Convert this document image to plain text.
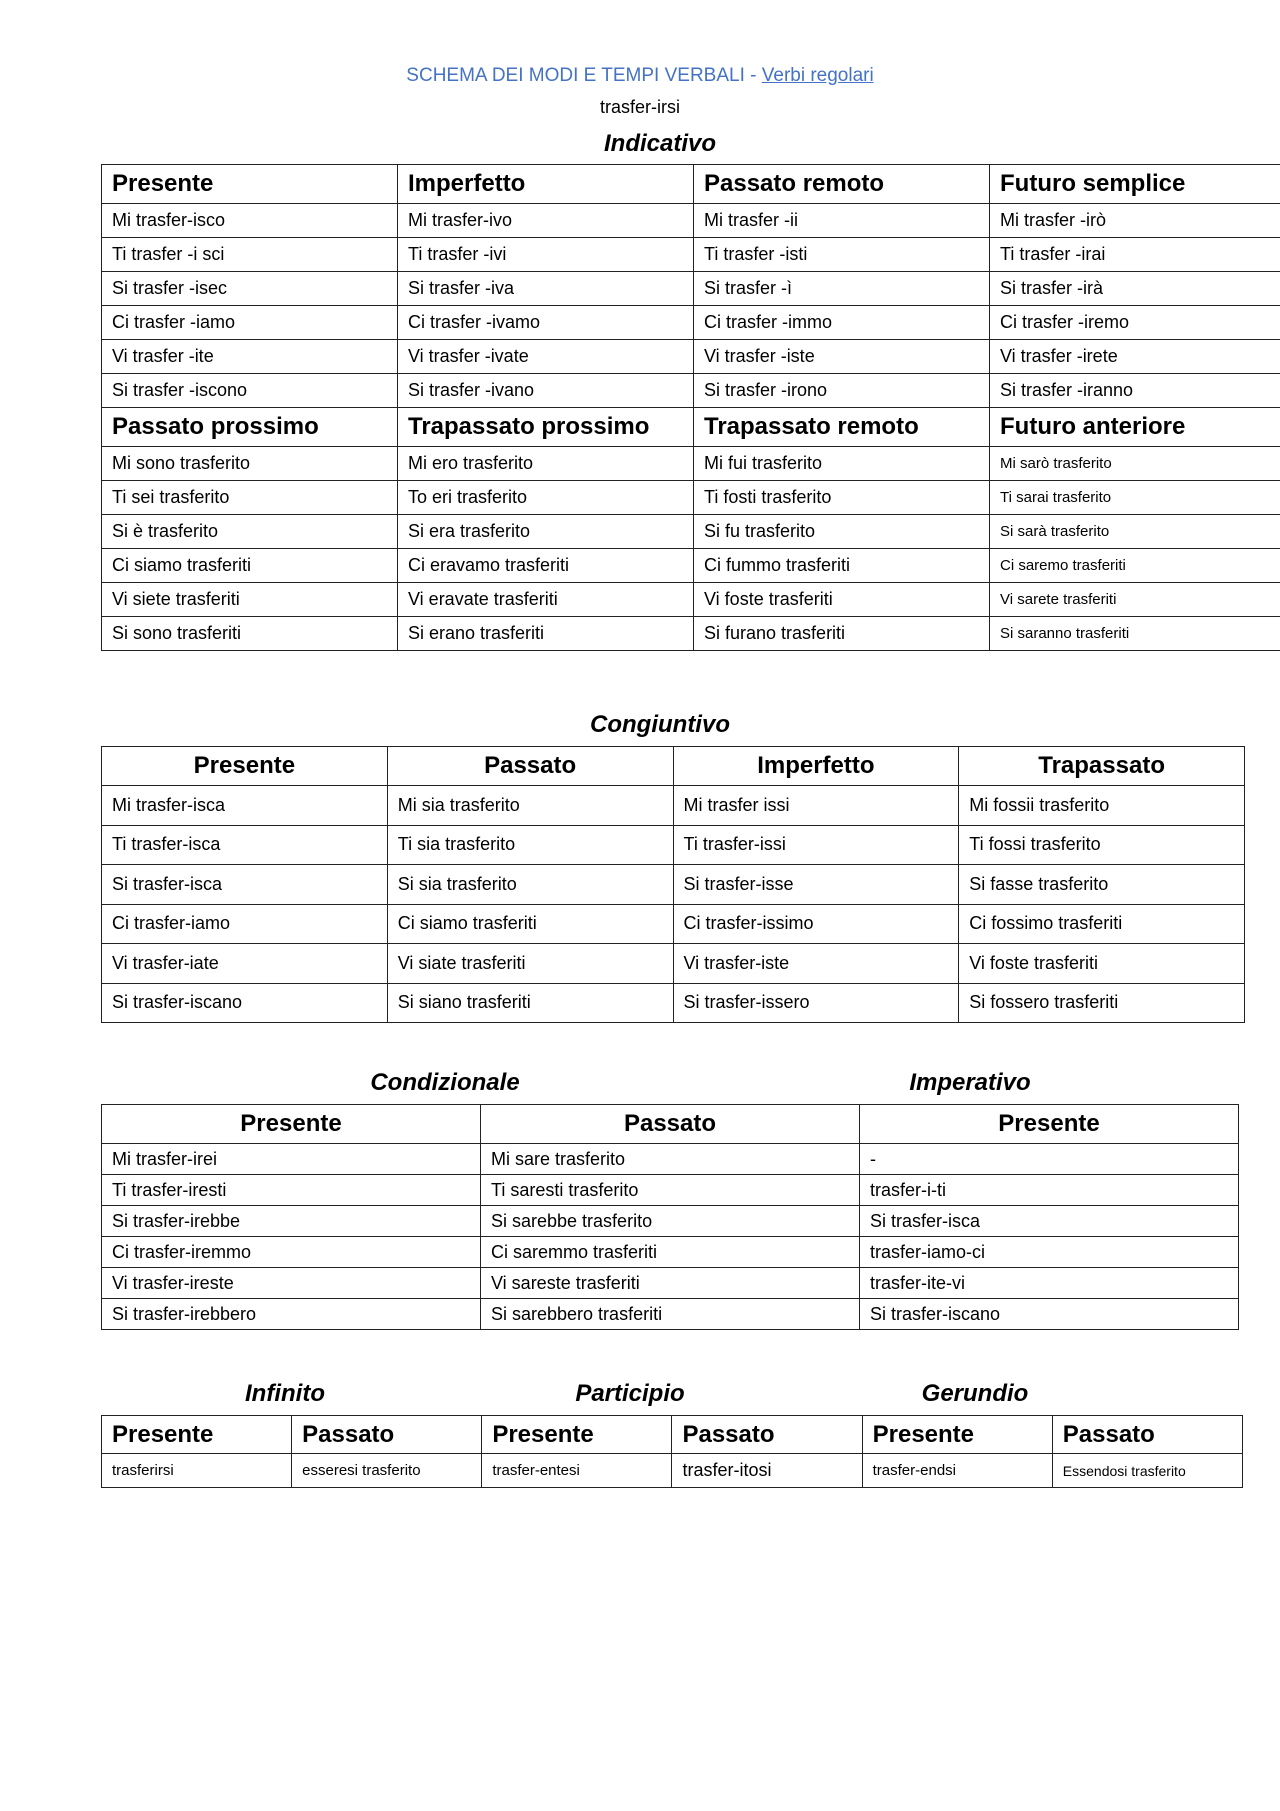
SCHEMA DEI MODI E TEMPI VERBALI - Verbi regolari
trasfer-irsi
Indicativo
Presente	Imperfetto	Passato remoto	Futuro semplice
Mi trasfer-isco	Mi trasfer-ivo	Mi trasfer -ii	Mi trasfer -irò
Ti trasfer -i sci	Ti trasfer -ivi	Ti trasfer -isti	Ti trasfer -irai
Si trasfer -isec	Si trasfer -iva	Si trasfer -ì	Si trasfer -irà
Ci trasfer -iamo	Ci trasfer -ivamo	Ci trasfer -immo	Ci trasfer -iremo
Vi trasfer -ite	Vi trasfer -ivate	Vi trasfer -iste	Vi trasfer -irete
Si trasfer -iscono	Si trasfer -ivano	Si trasfer -irono	Si trasfer -iranno
Passato prossimo	Trapassato prossimo	Trapassato remoto	Futuro anteriore
Mi sono trasferito	Mi ero trasferito	Mi fui trasferito	Mi sarò trasferito
Ti sei trasferito	To eri trasferito	Ti fosti trasferito	Ti sarai trasferito
Si è trasferito	Si era trasferito	Si fu trasferito	Si sarà trasferito
Ci siamo trasferiti	Ci eravamo trasferiti	Ci fummo trasferiti	Ci saremo trasferiti
Vi siete trasferiti	Vi eravate trasferiti	Vi foste trasferiti	Vi sarete trasferiti
Si sono trasferiti	Si erano trasferiti	Si furano trasferiti	Si saranno trasferiti
Congiuntivo
Presente	Passato	Imperfetto	Trapassato
Mi trasfer-isca	Mi sia trasferito	Mi trasfer issi	Mi fossii trasferito
Ti trasfer-isca	Ti sia trasferito	Ti trasfer-issi	Ti fossi trasferito
Si trasfer-isca	Si sia trasferito	Si trasfer-isse	Si fasse trasferito
Ci trasfer-iamo	Ci siamo trasferiti	Ci trasfer-issimo	Ci fossimo trasferiti
Vi trasfer-iate	Vi siate trasferiti	Vi trasfer-iste	Vi foste trasferiti
Si trasfer-iscano	Si siano trasferiti	Si trasfer-issero	Si fossero trasferiti
Condizionale	Imperativo
Presente	Passato	Presente
Mi trasfer-irei	Mi sare trasferito	-
Ti trasfer-iresti	Ti saresti trasferito	trasfer-i-ti
Si trasfer-irebbe	Si sarebbe trasferito	Si trasfer-isca
Ci trasfer-iremmo	Ci saremmo trasferiti	trasfer-iamo-ci
Vi trasfer-ireste	Vi sareste trasferiti	trasfer-ite-vi
Si trasfer-irebbero	Si sarebbero trasferiti	Si trasfer-iscano
Infinito	Participio	Gerundio
Presente	Passato	Presente	Passato	Presente	Passato
trasferirsi	esseresi trasferito	trasfer-entesi	trasfer-itosi	trasfer-endsi	Essendosi trasferito
